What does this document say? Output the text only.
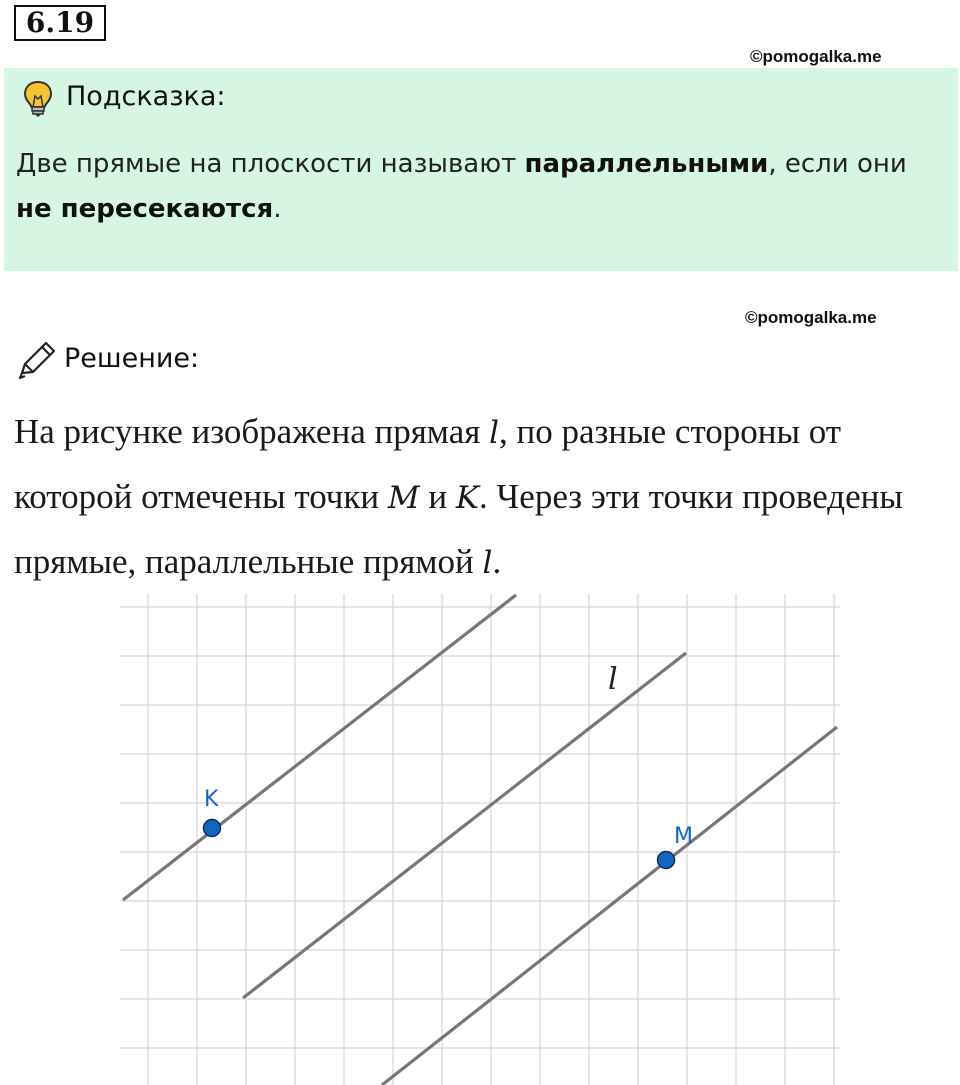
6.19
©pomogalka.me
Подсказка:
Две прямые на плоскости называют параллельными, если они не пересекаются.
©pomogalka.me
Решение:
На рисунке изображена прямая l, по разные стороны от которой отмечены точки M и K. Через эти точки проведены прямые, параллельные прямой l.
l
K
M
